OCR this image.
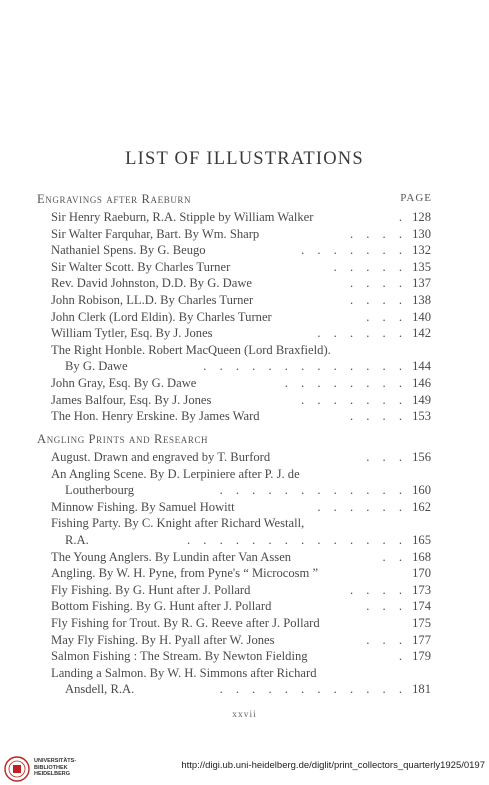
LIST OF ILLUSTRATIONS
Engravings after Raeburn	PAGE
Sir Henry Raeburn, R.A. Stipple by William Walker	. 128
Sir Walter Farquhar, Bart. By Wm. Sharp	. . . . 130
Nathaniel Spens. By G. Beugo	. . . . . . . 132
Sir Walter Scott. By Charles Turner	. . . . . 135
Rev. David Johnston, D.D. By G. Dawe	. . . . 137
John Robison, LL.D. By Charles Turner	. . . . 138
John Clerk (Lord Eldin). By Charles Turner	. . . 140
William Tytler, Esq. By J. Jones	. . . . . . 142
The Right Honble. Robert MacQueen (Lord Braxfield).
By G. Dawe	. . . . . . . . . . . . . 144
John Gray, Esq. By G. Dawe	. . . . . . . . 146
James Balfour, Esq. By J. Jones	. . . . . . . 149
The Hon. Henry Erskine. By James Ward	. . . . 153
Angling Prints and Research
August. Drawn and engraved by T. Burford	. . . 156
An Angling Scene. By D. Lerpiniere after P. J. de
Loutherbourg	. . . . . . . . . . . . 160
Minnow Fishing. By Samuel Howitt	. . . . . . 162
Fishing Party. By C. Knight after Richard Westall,
R.A.	. . . . . . . . . . . . . . 165
The Young Anglers. By Lundin after Van Assen	. . 168
Angling. By W. H. Pyne, from Pyne's “ Microcosm ”	170
Fly Fishing. By G. Hunt after J. Pollard	. . . . 173
Bottom Fishing. By G. Hunt after J. Pollard	. . . 174
Fly Fishing for Trout. By R. G. Reeve after J. Pollard	175
May Fly Fishing. By H. Pyall after W. Jones	. . . 177
Salmon Fishing : The Stream. By Newton Fielding	. 179
Landing a Salmon. By W. H. Simmons after Richard
Ansdell, R.A.	. . . . . . . . . . . . 181
xxvii
UNIVERSITÄTS-
BIBLIOTHEK
HEIDELBERG
http://digi.ub.uni-heidelberg.de/diglit/print_collectors_quarterly1925/0197
